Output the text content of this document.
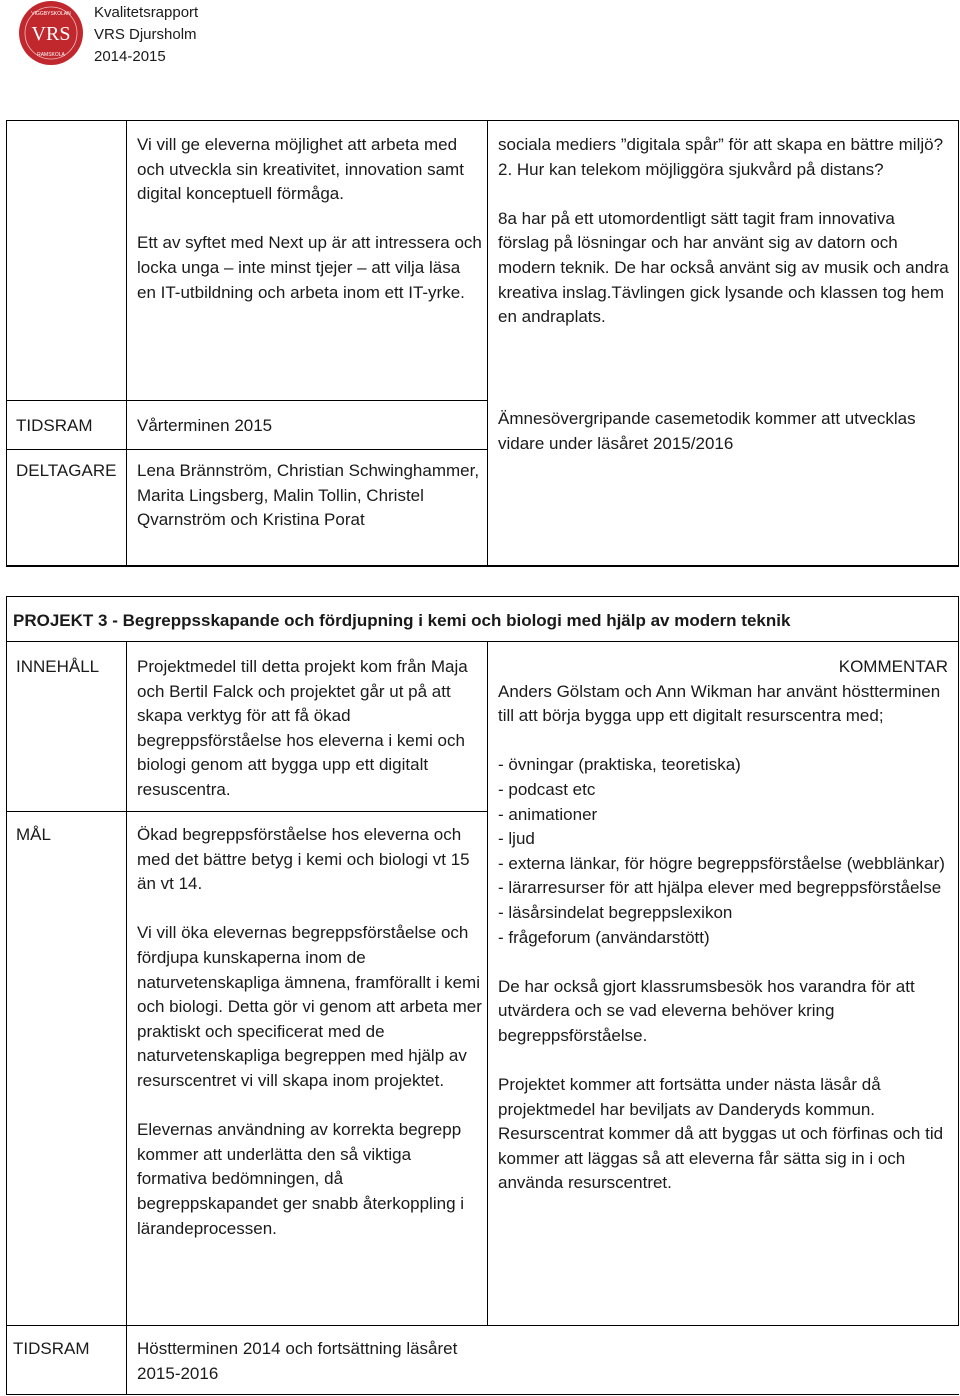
VRS
VIGGBYSKOLAN
RAMSKOLA
Kvalitetsrapport
VRS Djursholm
2014-2015

Vi vill ge eleverna möjlighet att arbeta med och utveckla sin kreativitet, innovation samt digital konceptuell förmåga.

Ett av syftet med Next up är att intressera och locka unga – inte minst tjejer – att vilja läsa en IT-utbildning och arbeta inom ett IT-yrke.

sociala mediers ”digitala spår” för att skapa en bättre miljö? 2. Hur kan telekom möjliggöra sjukvård på distans?

8a har på ett utomordentligt sätt tagit fram innovativa förslag på lösningar och har använt sig av datorn och modern teknik. De har också använt sig av musik och andra kreativa inslag.Tävlingen gick lysande och klassen tog hem en andraplats.

TIDSRAM	Vårterminen 2015
DELTAGARE Lena Brännström, Christian Schwinghammer, Marita Lingsberg, Malin Tollin, Christel Qvarnström och Kristina Porat
Ämnesövergripande casemetodik kommer att utvecklas vidare under läsåret 2015/2016
PROJEKT 3 - Begreppsskapande och fördjupning i kemi och biologi med hjälp av modern teknik
INNEHÅLL Projektmedel till detta projekt kom från Maja och Bertil Falck och projektet går ut på att skapa verktyg för att få ökad begreppsförståelse hos eleverna i kemi och biologi genom att bygga upp ett digitalt resuscentra.
MÅL	Ökad begreppsförståelse hos eleverna och med det bättre betyg i kemi och biologi vt 15 än vt 14.

Vi vill öka elevernas begreppsförståelse och fördjupa kunskaperna inom de naturvetenskapliga ämnena, framförallt i kemi och biologi. Detta gör vi genom att arbeta mer praktiskt och specificerat med de naturvetenskapliga begreppen med hjälp av resurscentret vi vill skapa inom projektet.

Elevernas användning av korrekta begrepp kommer att underlätta den så viktiga formativa bedömningen, då begreppskapandet ger snabb återkoppling i lärandeprocessen.

KOMMENTAR

Anders Gölstam och Ann Wikman har använt höstterminen till att börja bygga upp ett digitalt resurscentra med;

- övningar (praktiska, teoretiska)
- podcast etc
- animationer
- ljud
- externa länkar, för högre begreppsförståelse (webblänkar)
- lärarresurser för att hjälpa elever med begreppsförståelse
- läsårsindelat begreppslexikon
- frågeforum (användarstött)

De har också gjort klassrumsbesök hos varandra för att utvärdera och se vad eleverna behöver kring begreppsförståelse.

Projektet kommer att fortsätta under nästa läsår då projektmedel har beviljats av Danderyds kommun. Resurscentrat kommer då att byggas ut och förfinas och tid kommer att läggas så att eleverna får sätta sig in i och använda resurscentret.

TIDSRAM	Höstterminen 2014 och fortsättning läsåret 2015-2016
